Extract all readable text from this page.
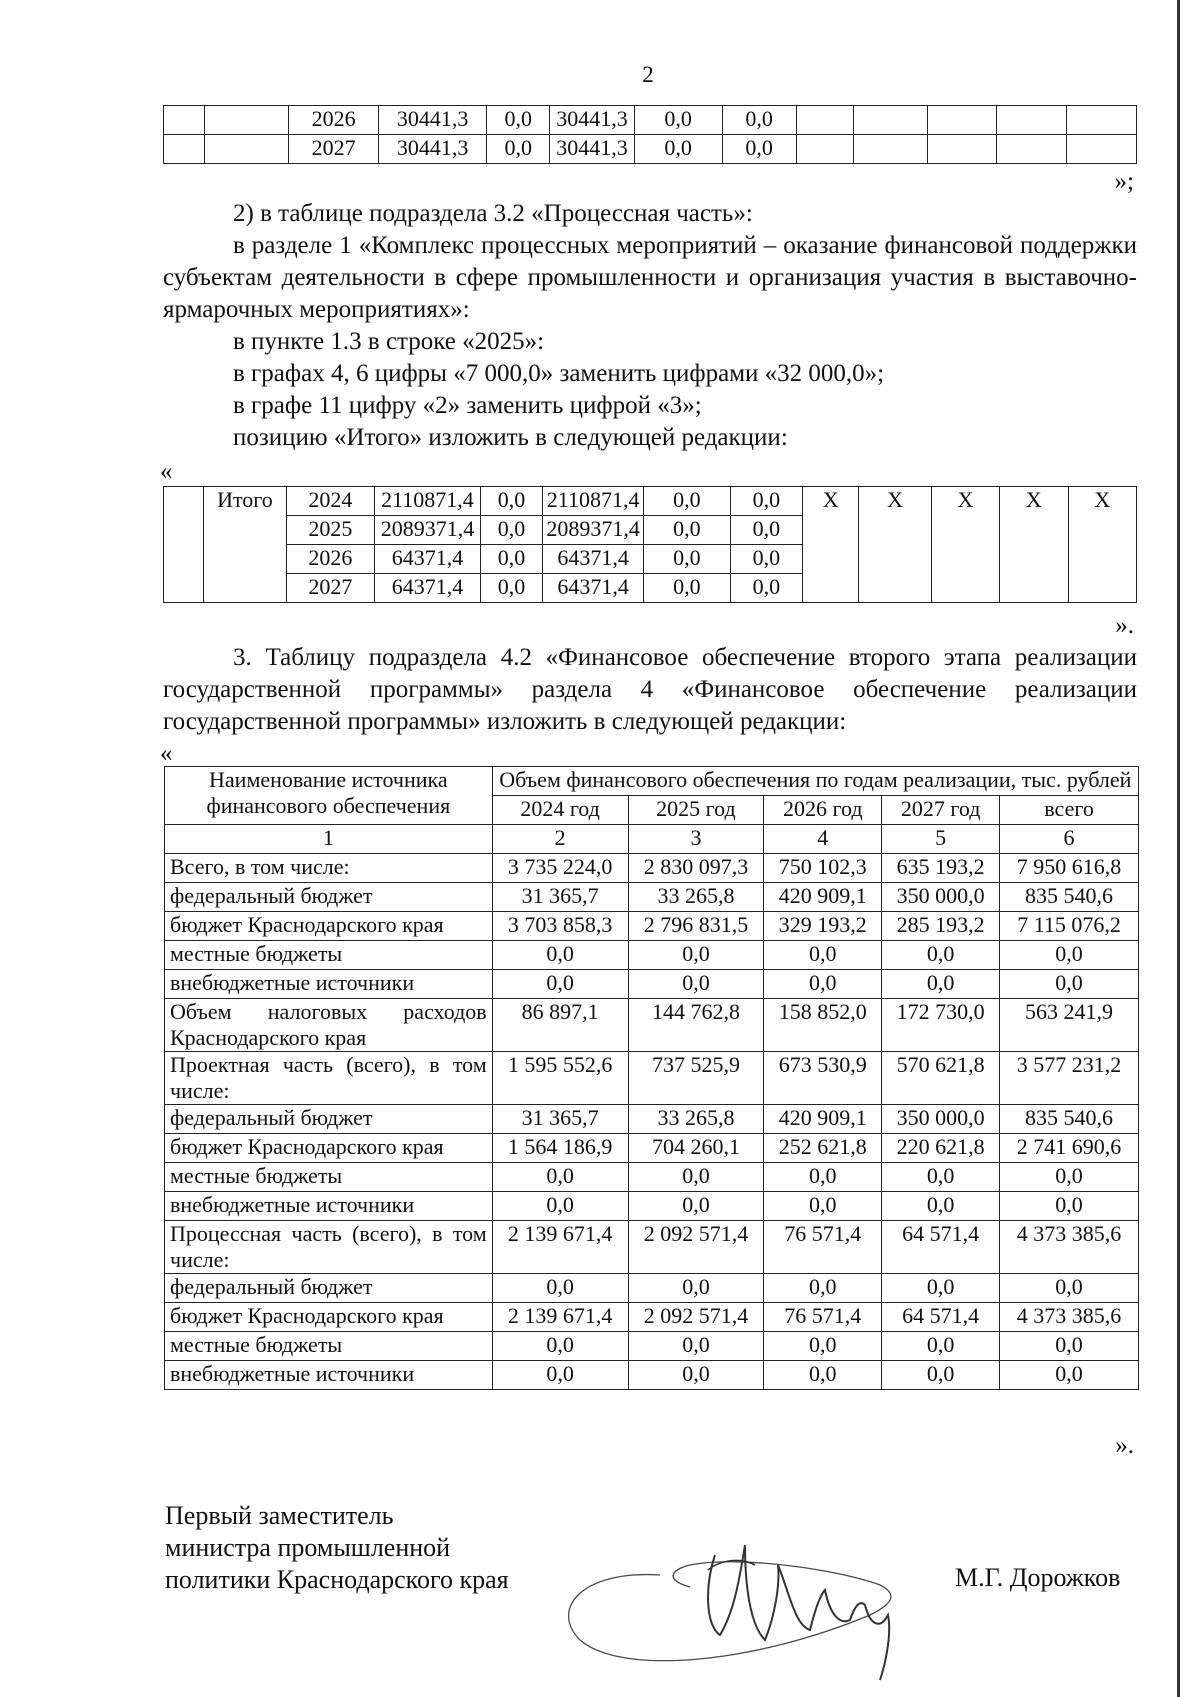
2
		2026	30441,3	0,0	30441,3	0,0	0,0					
		2027	30441,3	0,0	30441,3	0,0	0,0					
»;
2) в таблице подраздела 3.2 «Процессная часть»:
в разделе 1 «Комплекс процессных мероприятий – оказание финансовой поддержки субъектам деятельности в сфере промышленности и организация участия в выставочно-ярмарочных мероприятиях»:
в пункте 1.3 в строке «2025»:
в графах 4, 6 цифры «7 000,0» заменить цифрами «32 000,0»;
в графе 11 цифру «2» заменить цифрой «3»;
позицию «Итого» изложить в следующей редакции:
«
	Итого	2024	2110871,4	0,0	2110871,4	0,0	0,0	X	X	X	X	X
		2025	2089371,4	0,0	2089371,4	0,0	0,0					
		2026	64371,4	0,0	64371,4	0,0	0,0					
		2027	64371,4	0,0	64371,4	0,0	0,0					
».
3. Таблицу подраздела 4.2 «Финансовое обеспечение второго этапа реализации государственной программы» раздела 4 «Финансовое обеспечение реализации государственной программы» изложить в следующей редакции:
«
Наименование источника финансового обеспечения	Объем финансового обеспечения по годам реализации, тыс. рублей				
	2024 год	2025 год	2026 год	2027 год	всего
1	2	3	4	5	6
Всего, в том числе:	3 735 224,0	2 830 097,3	750 102,3	635 193,2	7 950 616,8
федеральный бюджет	31 365,7	33 265,8	420 909,1	350 000,0	835 540,6
бюджет Краснодарского края	3 703 858,3	2 796 831,5	329 193,2	285 193,2	7 115 076,2
местные бюджеты	0,0	0,0	0,0	0,0	0,0
внебюджетные источники	0,0	0,0	0,0	0,0	0,0
Объем налоговых расходов Краснодарского края	86 897,1	144 762,8	158 852,0	172 730,0	563 241,9
Проектная часть (всего), в том числе:	1 595 552,6	737 525,9	673 530,9	570 621,8	3 577 231,2
федеральный бюджет	31 365,7	33 265,8	420 909,1	350 000,0	835 540,6
бюджет Краснодарского края	1 564 186,9	704 260,1	252 621,8	220 621,8	2 741 690,6
местные бюджеты	0,0	0,0	0,0	0,0	0,0
внебюджетные источники	0,0	0,0	0,0	0,0	0,0
Процессная часть (всего), в том числе:	2 139 671,4	2 092 571,4	76 571,4	64 571,4	4 373 385,6
федеральный бюджет	0,0	0,0	0,0	0,0	0,0
бюджет Краснодарского края	2 139 671,4	2 092 571,4	76 571,4	64 571,4	4 373 385,6
местные бюджеты	0,0	0,0	0,0	0,0	0,0
внебюджетные источники	0,0	0,0	0,0	0,0	0,0
».
Первый заместитель
министра промышленной
политики Краснодарского края	М.Г. Дорожков
